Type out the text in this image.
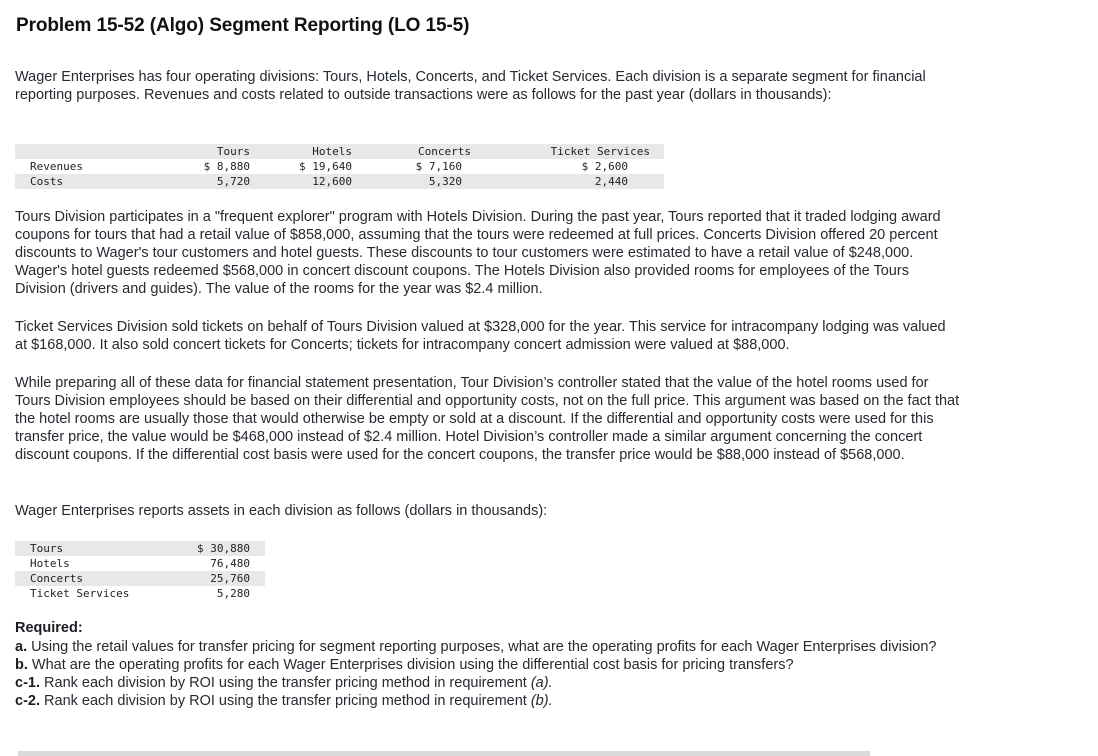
Problem 15-52 (Algo) Segment Reporting (LO 15-5)

Wager Enterprises has four operating divisions: Tours, Hotels, Concerts, and Ticket Services. Each division is a separate segment for financial reporting purposes. Revenues and costs related to outside transactions were as follows for the past year (dollars in thousands):

	Tours	Hotels	Concerts	Ticket Services
Revenues	$ 8,880	$ 19,640	$ 7,160	$ 2,600
Costs	5,720	12,600	5,320	2,440

Tours Division participates in a "frequent explorer" program with Hotels Division. During the past year, Tours reported that it traded lodging award coupons for tours that had a retail value of $858,000, assuming that the tours were redeemed at full prices. Concerts Division offered 20 percent discounts to Wager's tour customers and hotel guests. These discounts to tour customers were estimated to have a retail value of $248,000. Wager's hotel guests redeemed $568,000 in concert discount coupons. The Hotels Division also provided rooms for employees of the Tours Division (drivers and guides). The value of the rooms for the year was $2.4 million.

Ticket Services Division sold tickets on behalf of Tours Division valued at $328,000 for the year. This service for intracompany lodging was valued at $168,000. It also sold concert tickets for Concerts; tickets for intracompany concert admission were valued at $88,000.

While preparing all of these data for financial statement presentation, Tour Division’s controller stated that the value of the hotel rooms used for Tours Division employees should be based on their differential and opportunity costs, not on the full price. This argument was based on the fact that the hotel rooms are usually those that would otherwise be empty or sold at a discount. If the differential and opportunity costs were used for this transfer price, the value would be $468,000 instead of $2.4 million. Hotel Division’s controller made a similar argument concerning the concert discount coupons. If the differential cost basis were used for the concert coupons, the transfer price would be $88,000 instead of $568,000.

Wager Enterprises reports assets in each division as follows (dollars in thousands):

Tours	$ 30,880
Hotels	76,480
Concerts	25,760
Ticket Services	5,280
Required:
a. Using the retail values for transfer pricing for segment reporting purposes, what are the operating profits for each Wager Enterprises division?
b. What are the operating profits for each Wager Enterprises division using the differential cost basis for pricing transfers?
c-1. Rank each division by ROI using the transfer pricing method in requirement (a).
c-2. Rank each division by ROI using the transfer pricing method in requirement (b).
